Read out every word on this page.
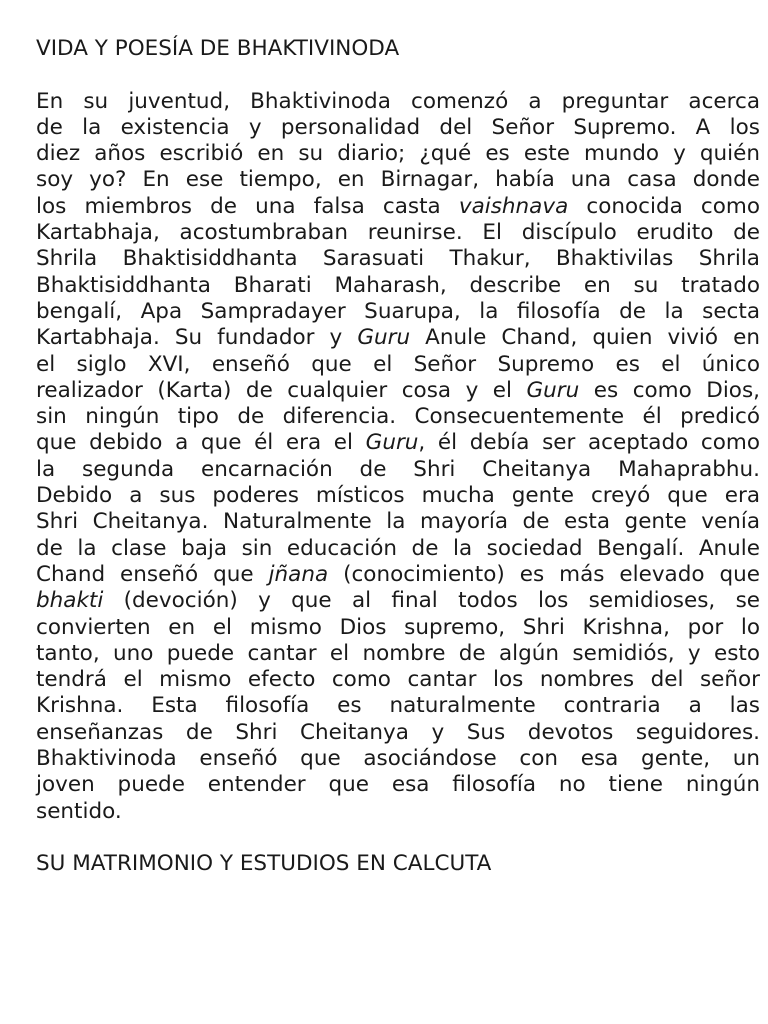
VIDA Y POESÍA DE BHAKTIVINODA
En su juventud, Bhaktivinoda comenzó a preguntar acerca
de la existencia y personalidad del Señor Supremo. A los
diez años escribió en su diario; ¿qué es este mundo y quién
soy yo? En ese tiempo, en Birnagar, había una casa donde
los miembros de una falsa casta vaishnava conocida como
Kartabhaja, acostumbraban reunirse. El discípulo erudito de
Shrila Bhaktisiddhanta Sarasuati Thakur, Bhaktivilas Shrila
Bhaktisiddhanta Bharati Maharash, describe en su tratado
bengalí, Apa Sampradayer Suarupa, la filosofía de la secta
Kartabhaja. Su fundador y Guru Anule Chand, quien vivió en
el siglo XVI, enseñó que el Señor Supremo es el único
realizador (Karta) de cualquier cosa y el Guru es como Dios,
sin ningún tipo de diferencia. Consecuentemente él predicó
que debido a que él era el Guru, él debía ser aceptado como
la segunda encarnación de Shri Cheitanya Mahaprabhu.
Debido a sus poderes místicos mucha gente creyó que era
Shri Cheitanya. Naturalmente la mayoría de esta gente venía
de la clase baja sin educación de la sociedad Bengalí. Anule
Chand enseñó que jñana (conocimiento) es más elevado que
bhakti (devoción) y que al final todos los semidioses, se
convierten en el mismo Dios supremo, Shri Krishna, por lo
tanto, uno puede cantar el nombre de algún semidiós, y esto
tendrá el mismo efecto como cantar los nombres del señor
Krishna. Esta filosofía es naturalmente contraria a las
enseñanzas de Shri Cheitanya y Sus devotos seguidores.
Bhaktivinoda enseñó que asociándose con esa gente, un
joven puede entender que esa filosofía no tiene ningún
sentido.
SU MATRIMONIO Y ESTUDIOS EN CALCUTA
